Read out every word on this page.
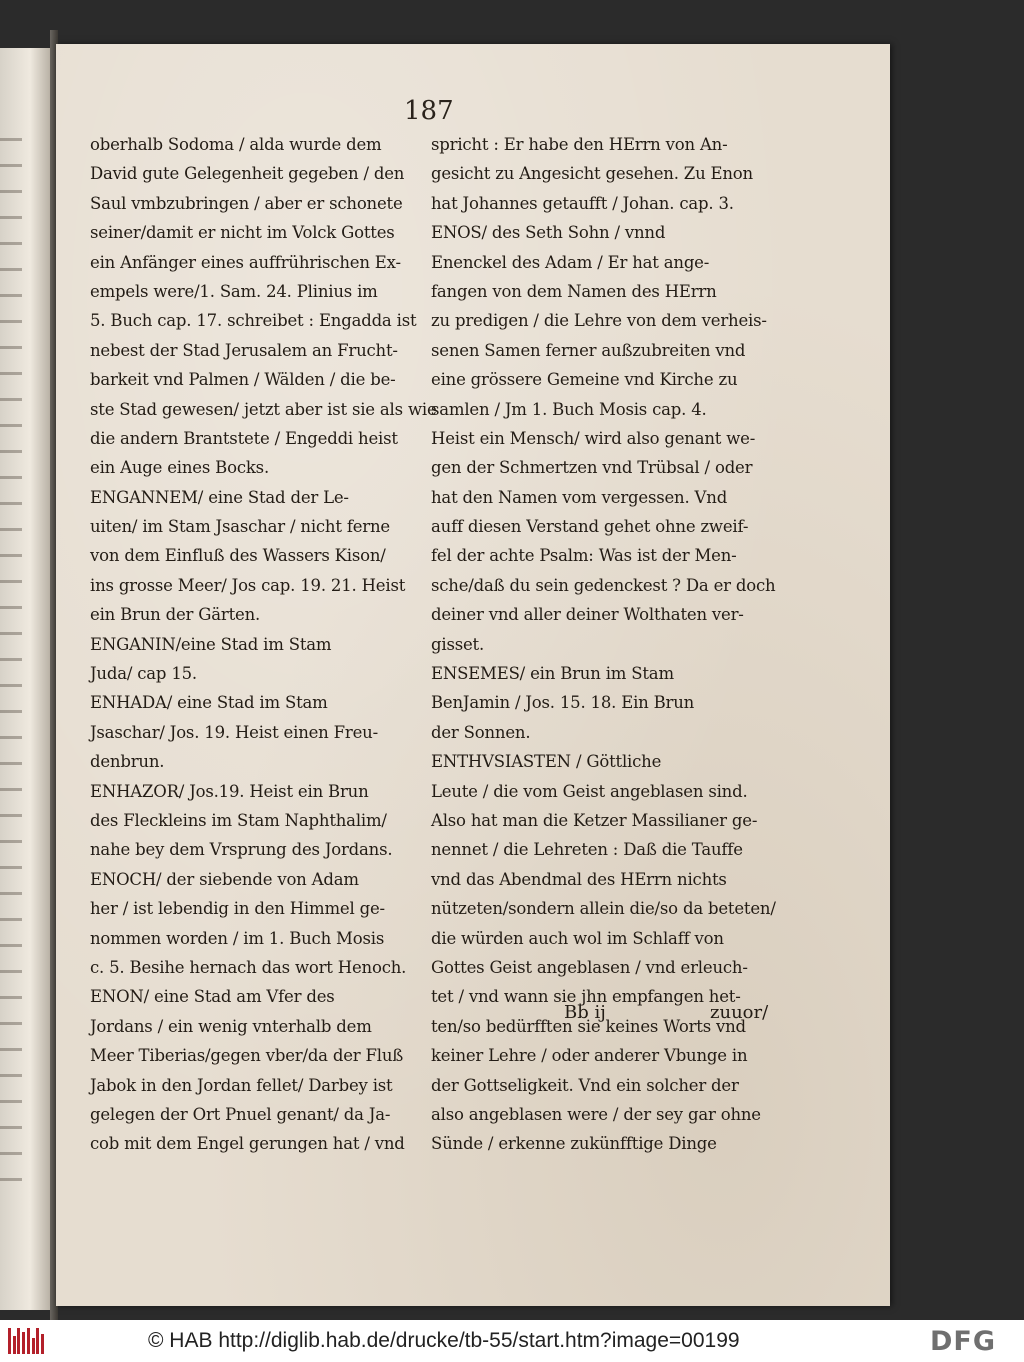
187
oberhalb Sodoma / alda wurde dem
David gute Gelegenheit gegeben / den
Saul vmbzubringen / aber er schonete
seiner/damit er nicht im Volck Gottes
ein Anfänger eines auffrührischen Ex-
empels were/1. Sam. 24. Plinius im
5. Buch cap. 17. schreibet : Engadda ist
nebest der Stad Jerusalem an Frucht-
barkeit vnd Palmen / Wälden / die be-
ste Stad gewesen/ jetzt aber ist sie als wie
die andern Brantstete / Engeddi heist
ein Auge eines Bocks.
ENGANNEM/ eine Stad der Le-
uiten/ im Stam Jsaschar / nicht ferne
von dem Einfluß des Wassers Kison/
ins grosse Meer/ Jos cap. 19. 21. Heist
ein Brun der Gärten.
ENGANIN/eine Stad im Stam
Juda/ cap 15.
ENHADA/ eine Stad im Stam
Jsaschar/ Jos. 19. Heist einen Freu-
denbrun.
ENHAZOR/ Jos.19. Heist ein Brun
des Fleckleins im Stam Naphthalim/
nahe bey dem Vrsprung des Jordans.
ENOCH/ der siebende von Adam
her / ist lebendig in den Himmel ge-
nommen worden / im 1. Buch Mosis
c. 5. Besihe hernach das wort Henoch.
ENON/ eine Stad am Vfer des
Jordans / ein wenig vnterhalb dem
Meer Tiberias/gegen vber/da der Fluß
Jabok in den Jordan fellet/ Darbey ist
gelegen der Ort Pnuel genant/ da Ja-
cob mit dem Engel gerungen hat / vnd
spricht : Er habe den HErrn von An-
gesicht zu Angesicht gesehen. Zu Enon
hat Johannes getaufft / Johan. cap. 3.
ENOS/ des Seth Sohn / vnnd
Enenckel des Adam / Er hat ange-
fangen von dem Namen des HErrn
zu predigen / die Lehre von dem verheis-
senen Samen ferner außzubreiten vnd
eine grössere Gemeine vnd Kirche zu
samlen / Jm 1. Buch Mosis cap. 4.
Heist ein Mensch/ wird also genant we-
gen der Schmertzen vnd Trübsal / oder
hat den Namen vom vergessen. Vnd
auff diesen Verstand gehet ohne zweif-
fel der achte Psalm: Was ist der Men-
sche/daß du sein gedenckest ? Da er doch
deiner vnd aller deiner Wolthaten ver-
gisset.
ENSEMES/ ein Brun im Stam
BenJamin / Jos. 15. 18. Ein Brun
der Sonnen.
ENTHVSIASTEN / Göttliche
Leute / die vom Geist angeblasen sind.
Also hat man die Ketzer Massilianer ge-
nennet / die Lehreten : Daß die Tauffe
vnd das Abendmal des HErrn nichts
nützeten/sondern allein die/so da beteten/
die würden auch wol im Schlaff von
Gottes Geist angeblasen / vnd erleuch-
tet / vnd wann sie jhn empfangen het-
ten/so bedürfften sie keines Worts vnd
keiner Lehre / oder anderer Vbunge in
der Gottseligkeit. Vnd ein solcher der
also angeblasen were / der sey gar ohne
Sünde / erkenne zukünfftige Dinge
Bb ij	zuuor/
© HAB http://diglib.hab.de/drucke/tb-55/start.htm?image=00199	DFG
